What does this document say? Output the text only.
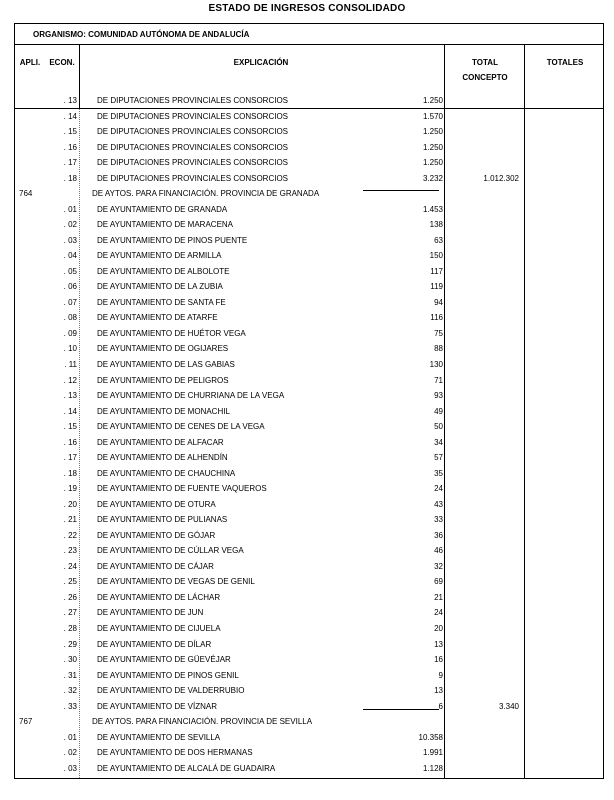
ESTADO DE INGRESOS CONSOLIDADO
ORGANISMO: COMUNIDAD AUTÓNOMA DE ANDALUCÍA
APLI.	ECON.	EXPLICACIÓN	TOTAL
CONCEPTO
TOTALES
. 13	DE DIPUTACIONES PROVINCIALES CONSORCIOS	1.250
. 14	DE DIPUTACIONES PROVINCIALES CONSORCIOS	1.570
. 15	DE DIPUTACIONES PROVINCIALES CONSORCIOS	1.250
. 16	DE DIPUTACIONES PROVINCIALES CONSORCIOS	1.250
. 17	DE DIPUTACIONES PROVINCIALES CONSORCIOS	1.250
. 18	DE DIPUTACIONES PROVINCIALES CONSORCIOS	3.232	1.012.302
764	DE AYTOS. PARA FINANCIACIÓN. PROVINCIA DE GRANADA
. 01	DE AYUNTAMIENTO DE GRANADA	1.453
. 02	DE AYUNTAMIENTO DE MARACENA	138
. 03	DE AYUNTAMIENTO DE PINOS PUENTE	63
. 04	DE AYUNTAMIENTO DE ARMILLA	150
. 05	DE AYUNTAMIENTO DE ALBOLOTE	117
. 06	DE AYUNTAMIENTO DE LA ZUBIA	119
. 07	DE AYUNTAMIENTO DE SANTA FE	94
. 08	DE AYUNTAMIENTO DE ATARFE	116
. 09	DE AYUNTAMIENTO DE HUÉTOR VEGA	75
. 10	DE AYUNTAMIENTO DE OGIJARES	88
. 11	DE AYUNTAMIENTO DE LAS GABIAS	130
. 12	DE AYUNTAMIENTO DE PELIGROS	71
. 13	DE AYUNTAMIENTO DE CHURRIANA DE LA VEGA	93
. 14	DE AYUNTAMIENTO DE MONACHIL	49
. 15	DE AYUNTAMIENTO DE CENES DE LA VEGA	50
. 16	DE AYUNTAMIENTO DE ALFACAR	34
. 17	DE AYUNTAMIENTO DE ALHENDÍN	57
. 18	DE AYUNTAMIENTO DE CHAUCHINA	35
. 19	DE AYUNTAMIENTO DE FUENTE VAQUEROS	24
. 20	DE AYUNTAMIENTO DE OTURA	43
. 21	DE AYUNTAMIENTO DE PULIANAS	33
. 22	DE AYUNTAMIENTO DE GÓJAR	36
. 23	DE AYUNTAMIENTO DE CÚLLAR VEGA	46
. 24	DE AYUNTAMIENTO DE CÁJAR	32
. 25	DE AYUNTAMIENTO DE VEGAS DE GENIL	69
. 26	DE AYUNTAMIENTO DE LÁCHAR	21
. 27	DE AYUNTAMIENTO DE JUN	24
. 28	DE AYUNTAMIENTO DE CIJUELA	20
. 29	DE AYUNTAMIENTO DE DÍLAR	13
. 30	DE AYUNTAMIENTO DE GÜEVÉJAR	16
. 31	DE AYUNTAMIENTO DE PINOS GENIL	9
. 32	DE AYUNTAMIENTO DE VALDERRUBIO	13
. 33	DE AYUNTAMIENTO DE VÍZNAR	6	3.340
767	DE AYTOS. PARA FINANCIACIÓN. PROVINCIA DE SEVILLA
. 01	DE AYUNTAMIENTO DE SEVILLA	10.358
. 02	DE AYUNTAMIENTO DE DOS HERMANAS	1.991
. 03	DE AYUNTAMIENTO DE ALCALÁ DE GUADAIRA	1.128
